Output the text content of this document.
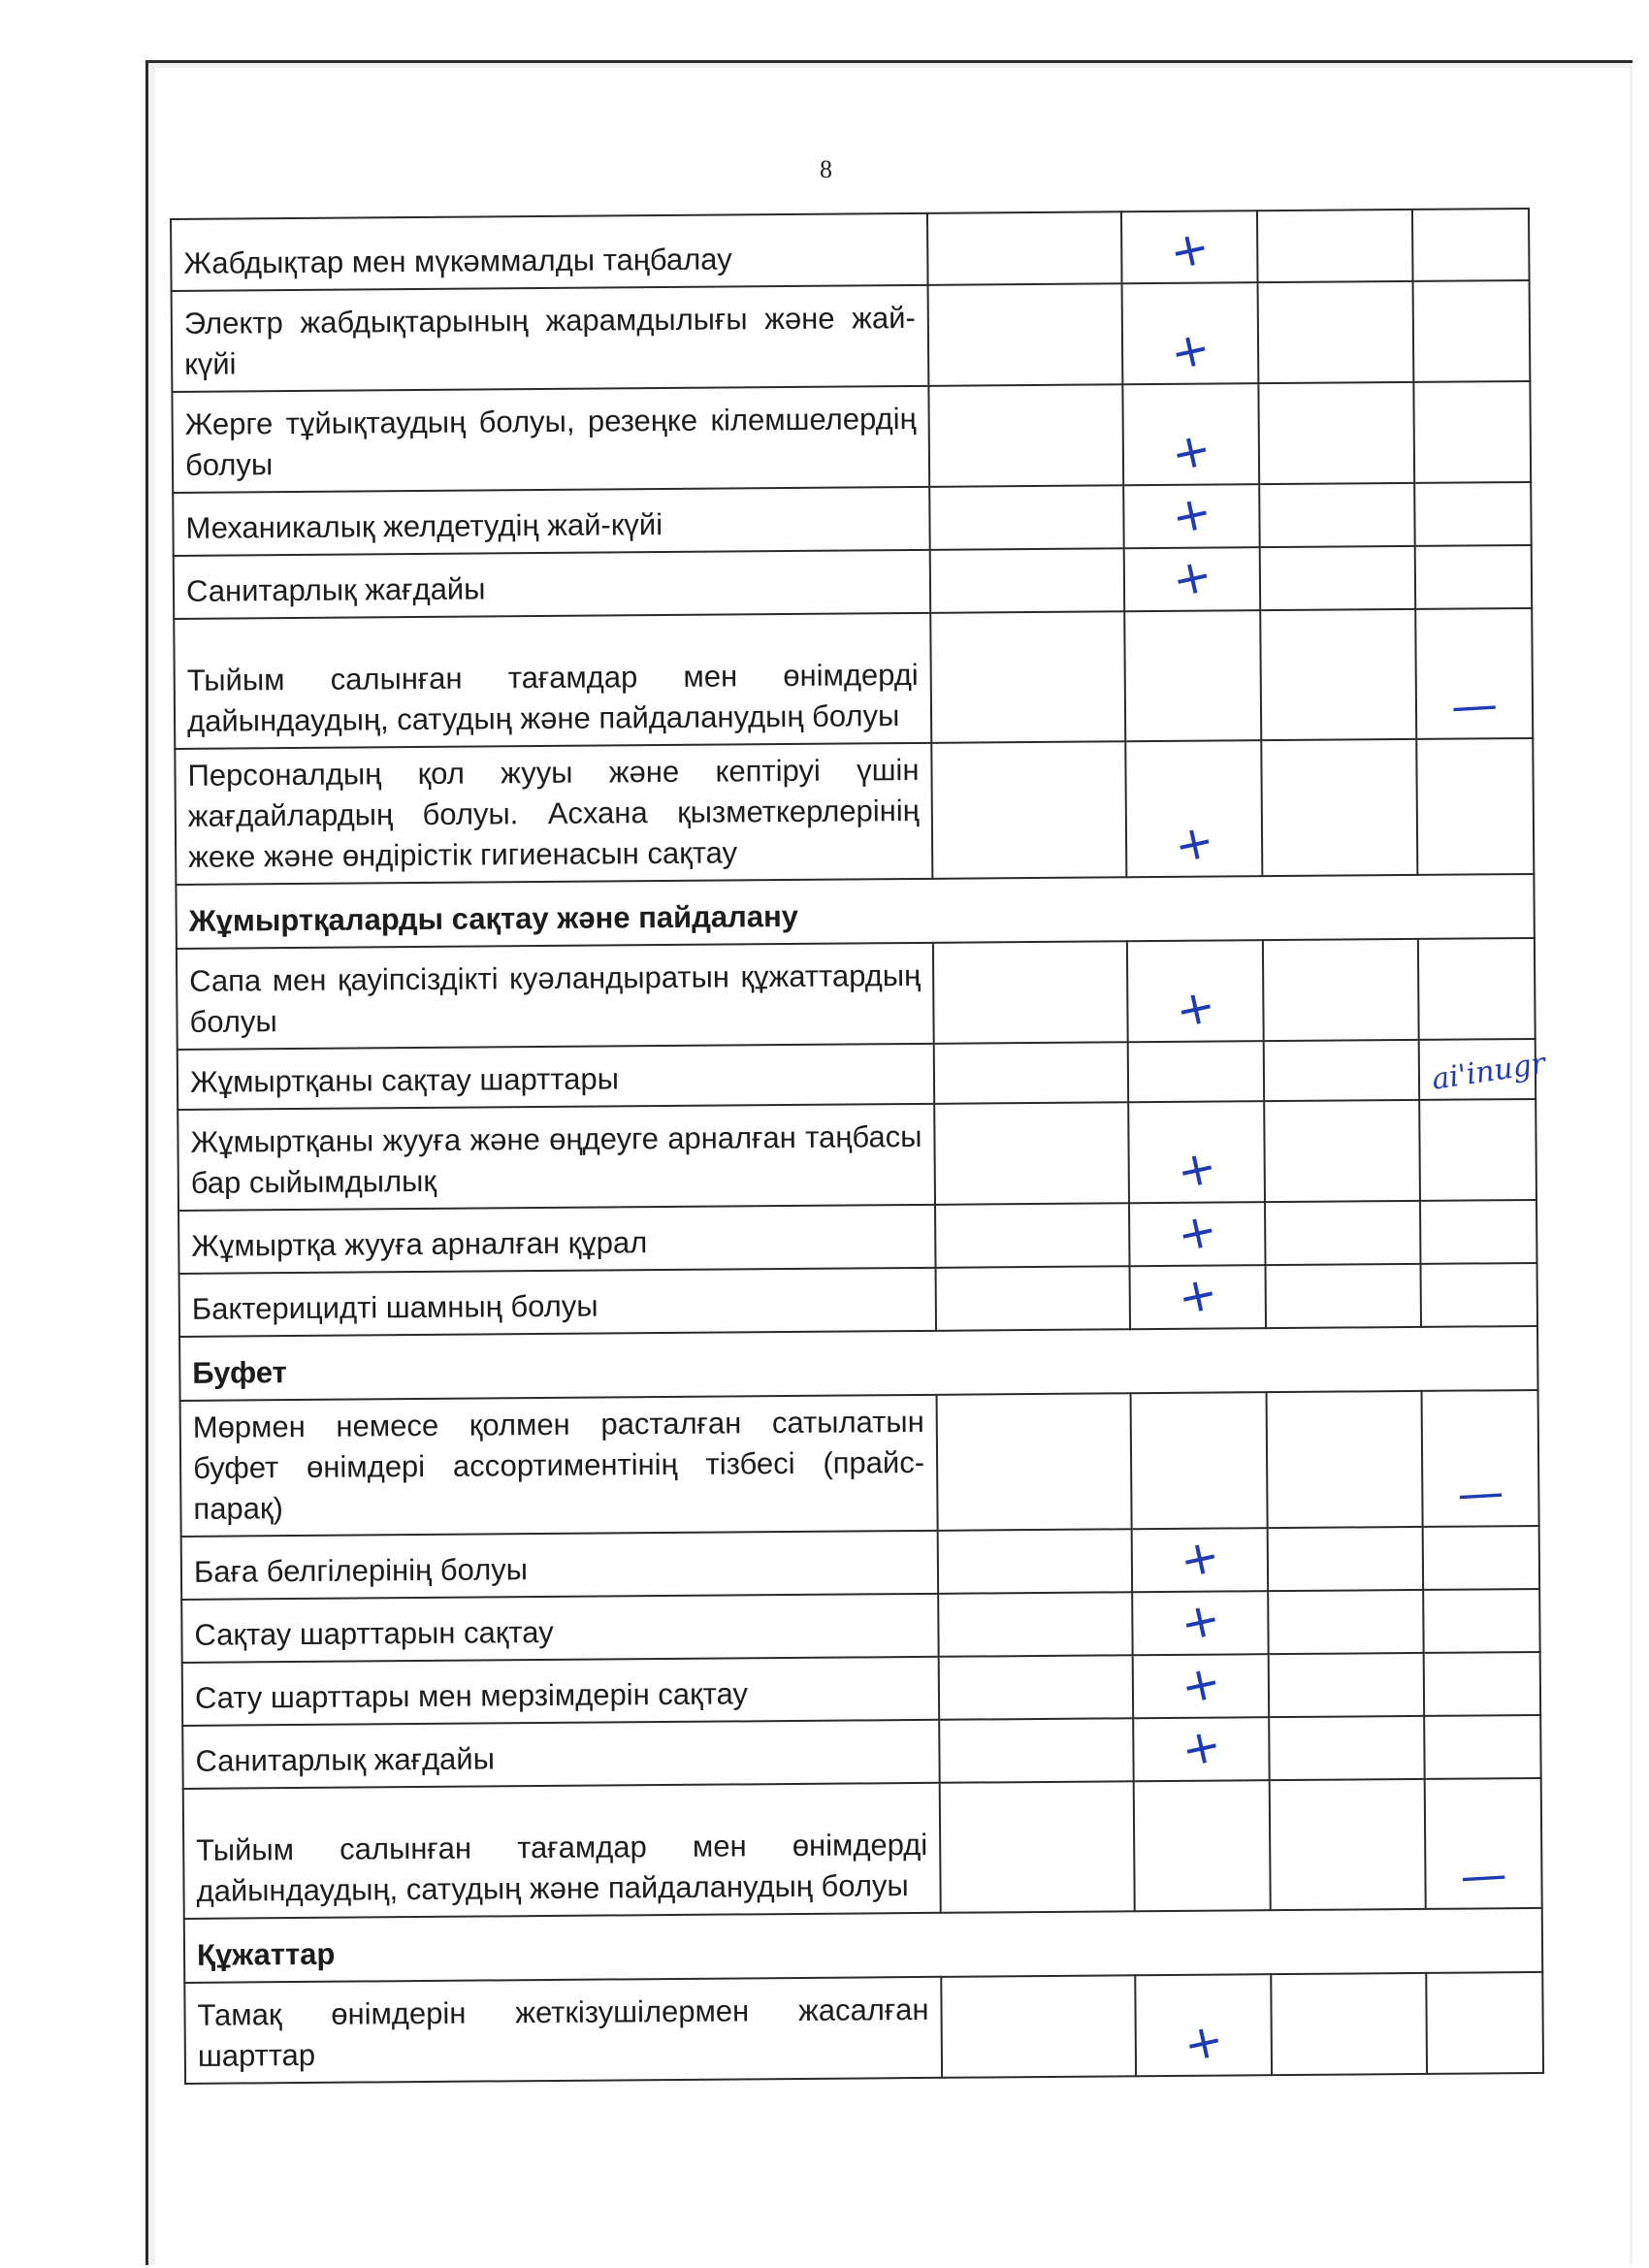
8
Жабдықтар мен мүкәммалды таңбалау		+		
Электр жабдықтарының жарамдылығы және жай-күйі		+		
Жерге тұйықтаудың болуы, резеңке кілемшелердің болуы		+		
Механикалық желдетудің жай-күйі		+		
Санитарлық жағдайы		+		
Тыйым салынған тағамдар мен өнімдерді дайындаудың, сатудың және пайдаланудың болуы				—
Персоналдың қол жууы және кептіруі үшін жағдайлардың болуы. Асхана қызметкерлерінің жеке және өндірістік гигиенасын сақтау		+		
Жұмыртқаларды сақтау және пайдалану				
Сапа мен қауіпсіздікті куәландыратын құжаттардың болуы		+		
Жұмыртқаны сақтау шарттары				ai'inugr
Жұмыртқаны жууға және өңдеуге арналған таңбасы бар сыйымдылық		+		
Жұмыртқа жууға арналған құрал		+		
Бактерицидті шамның болуы		+		
Буфет				
Мөрмен немесе қолмен расталған сатылатын буфет өнімдері ассортиментінің тізбесі (прайс-парақ)				—
Баға белгілерінің болуы		+		
Сақтау шарттарын сақтау		+		
Сату шарттары мен мерзімдерін сақтау		+		
Санитарлық жағдайы		+		
Тыйым салынған тағамдар мен өнімдерді дайындаудың, сатудың және пайдаланудың болуы				—
Құжаттар				
Тамақ өнімдерін жеткізушілермен жасалған шарттар		+		
